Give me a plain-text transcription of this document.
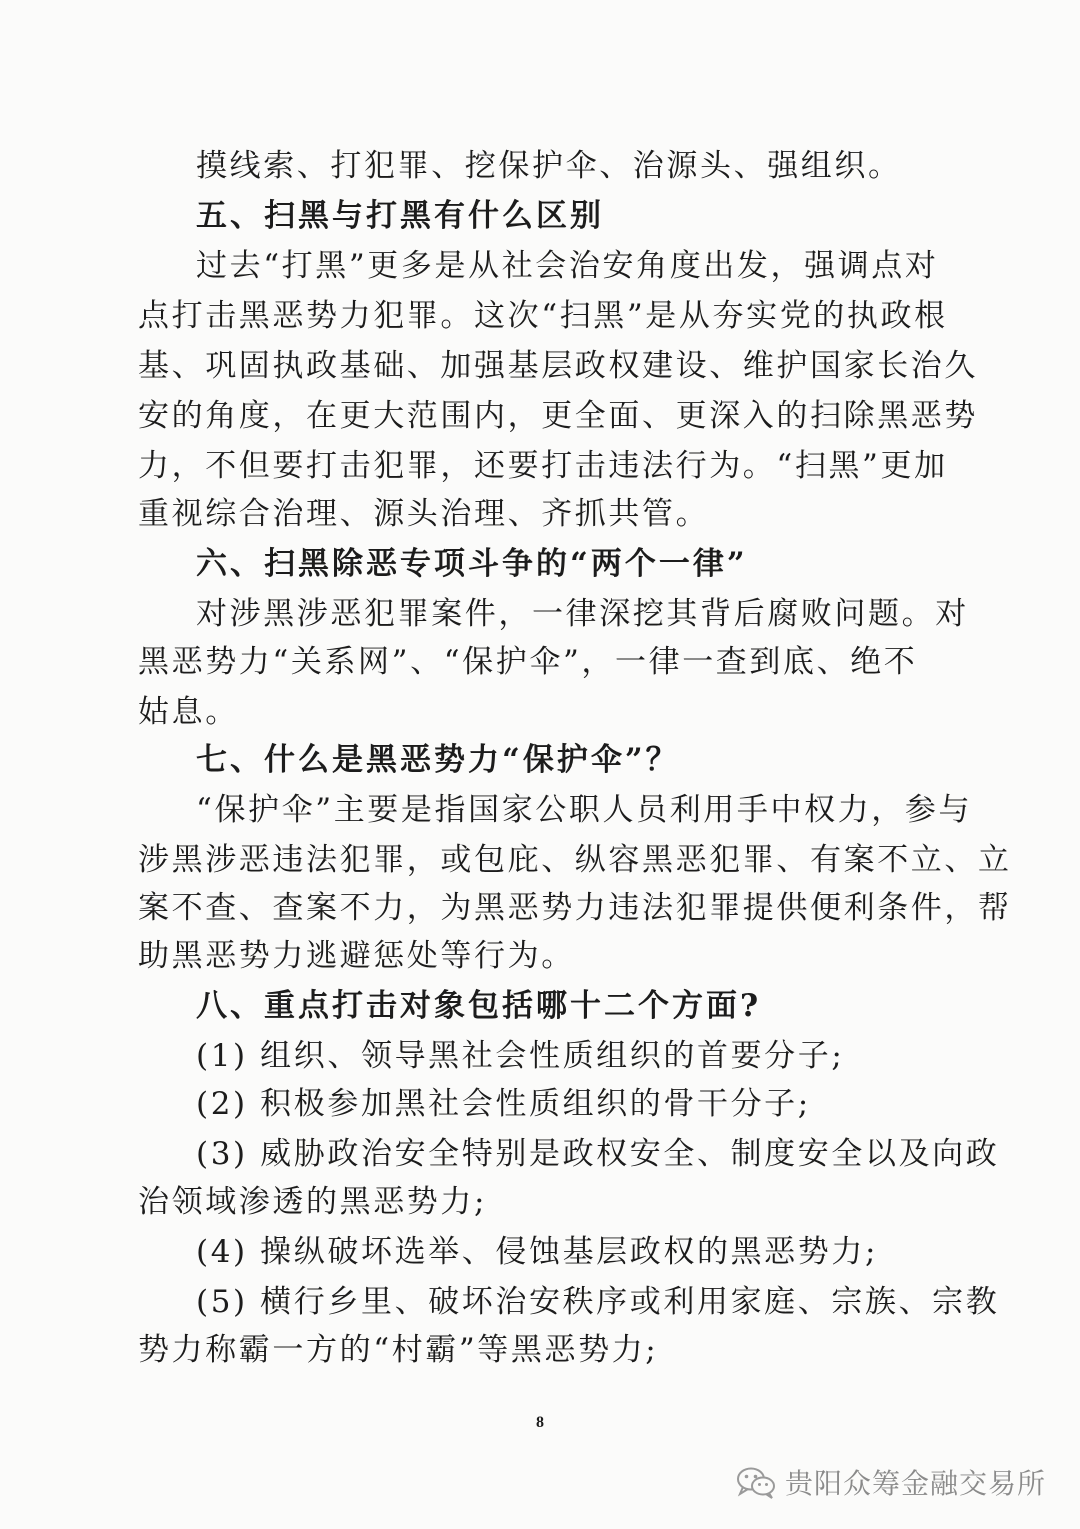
摸线索、打犯罪、挖保护伞、治源头、强组织。
五、扫黑与打黑有什么区别
过去“打黑”更多是从社会治安角度出发，强调点对
点打击黑恶势力犯罪。这次“扫黑”是从夯实党的执政根
基、巩固执政基础、加强基层政权建设、维护国家长治久
安的角度，在更大范围内，更全面、更深入的扫除黑恶势
力，不但要打击犯罪，还要打击违法行为。“扫黑”更加
重视综合治理、源头治理、齐抓共管。
六、扫黑除恶专项斗争的“两个一律”
对涉黑涉恶犯罪案件，一律深挖其背后腐败问题。对
黑恶势力“关系网”、“保护伞”，一律一查到底、绝不
姑息。
七、什么是黑恶势力“保护伞”？
“保护伞”主要是指国家公职人员利用手中权力，参与
涉黑涉恶违法犯罪，或包庇、纵容黑恶犯罪、有案不立、立
案不查、查案不力，为黑恶势力违法犯罪提供便利条件，帮
助黑恶势力逃避惩处等行为。
八、重点打击对象包括哪十二个方面?
(1) 组织、领导黑社会性质组织的首要分子;
(2) 积极参加黑社会性质组织的骨干分子;
(3) 威胁政治安全特别是政权安全、制度安全以及向政
治领域渗透的黑恶势力;
(4) 操纵破坏选举、侵蚀基层政权的黑恶势力;
(5) 横行乡里、破坏治安秩序或利用家庭、宗族、宗教
势力称霸一方的“村霸”等黑恶势力;
8
贵阳众筹金融交易所
